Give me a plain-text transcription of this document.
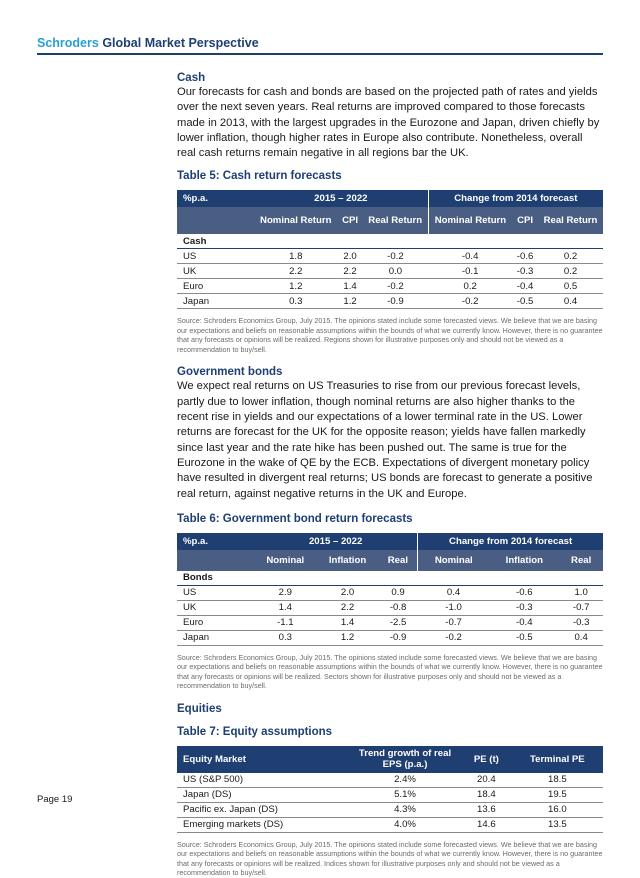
Schroders Global Market Perspective
Cash

Our forecasts for cash and bonds are based on the projected path of rates and yields over the next seven years. Real returns are improved compared to those forecasts made in 2013, with the largest upgrades in the Eurozone and Japan, driven chiefly by lower inflation, though higher rates in Europe also contribute. Nonetheless, overall real cash returns remain negative in all regions bar the UK.

Table 5: Cash return forecasts
%p.a.	2015 – 2022			Change from 2014 forecast		
	Nominal Return	CPI	Real Return	Nominal Return	CPI	Real Return
Cash						
US	1.8	2.0	-0.2	-0.4	-0.6	0.2
UK	2.2	2.2	0.0	-0.1	-0.3	0.2
Euro	1.2	1.4	-0.2	0.2	-0.4	0.5
Japan	0.3	1.2	-0.9	-0.2	-0.5	0.4

Source: Schroders Economics Group, July 2015. The opinions stated include some forecasted views. We believe that we are basing our expectations and beliefs on reasonable assumptions within the bounds of what we currently know. However, there is no guarantee that any forecasts or opinions will be realized. Regions shown for illustrative purposes only and should not be viewed as a recommendation to buy/sell.

Government bonds

We expect real returns on US Treasuries to rise from our previous forecast levels, partly due to lower inflation, though nominal returns are also higher thanks to the recent rise in yields and our expectations of a lower terminal rate in the US. Lower returns are forecast for the UK for the opposite reason; yields have fallen markedly since last year and the rate hike has been pushed out. The same is true for the Eurozone in the wake of QE by the ECB. Expectations of divergent monetary policy have resulted in divergent real returns; US bonds are forecast to generate a positive real return, against negative returns in the UK and Europe.

Table 6: Government bond return forecasts
%p.a.	2015 – 2022			Change from 2014 forecast		
	Nominal	Inflation	Real	Nominal	Inflation	Real
Bonds						
US	2.9	2.0	0.9	0.4	-0.6	1.0
UK	1.4	2.2	-0.8	-1.0	-0.3	-0.7
Euro	-1.1	1.4	-2.5	-0.7	-0.4	-0.3
Japan	0.3	1.2	-0.9	-0.2	-0.5	0.4

Source: Schroders Economics Group, July 2015. The opinions stated include some forecasted views. We believe that we are basing our expectations and beliefs on reasonable assumptions within the bounds of what we currently know. However, there is no guarantee that any forecasts or opinions will be realized. Sectors shown for illustrative purposes only and should not be viewed as a recommendation to buy/sell.

Equities
Table 7: Equity assumptions
Equity Market	Trend growth of real EPS (p.a.)	PE (t)	Terminal PE
US (S&P 500)	2.4%	20.4	18.5
Japan (DS)	5.1%	18.4	19.5
Pacific ex. Japan (DS)	4.3%	13.6	16.0
Emerging markets (DS)	4.0%	14.6	13.5

Source: Schroders Economics Group, July 2015. The opinions stated include some forecasted views. We believe that we are basing our expectations and beliefs on reasonable assumptions within the bounds of what we currently know. However, there is no guarantee that any forecasts or opinions will be realized. Indices shown for illustrative purposes only and should not be viewed as a recommendation to buy/sell.

Page 19
